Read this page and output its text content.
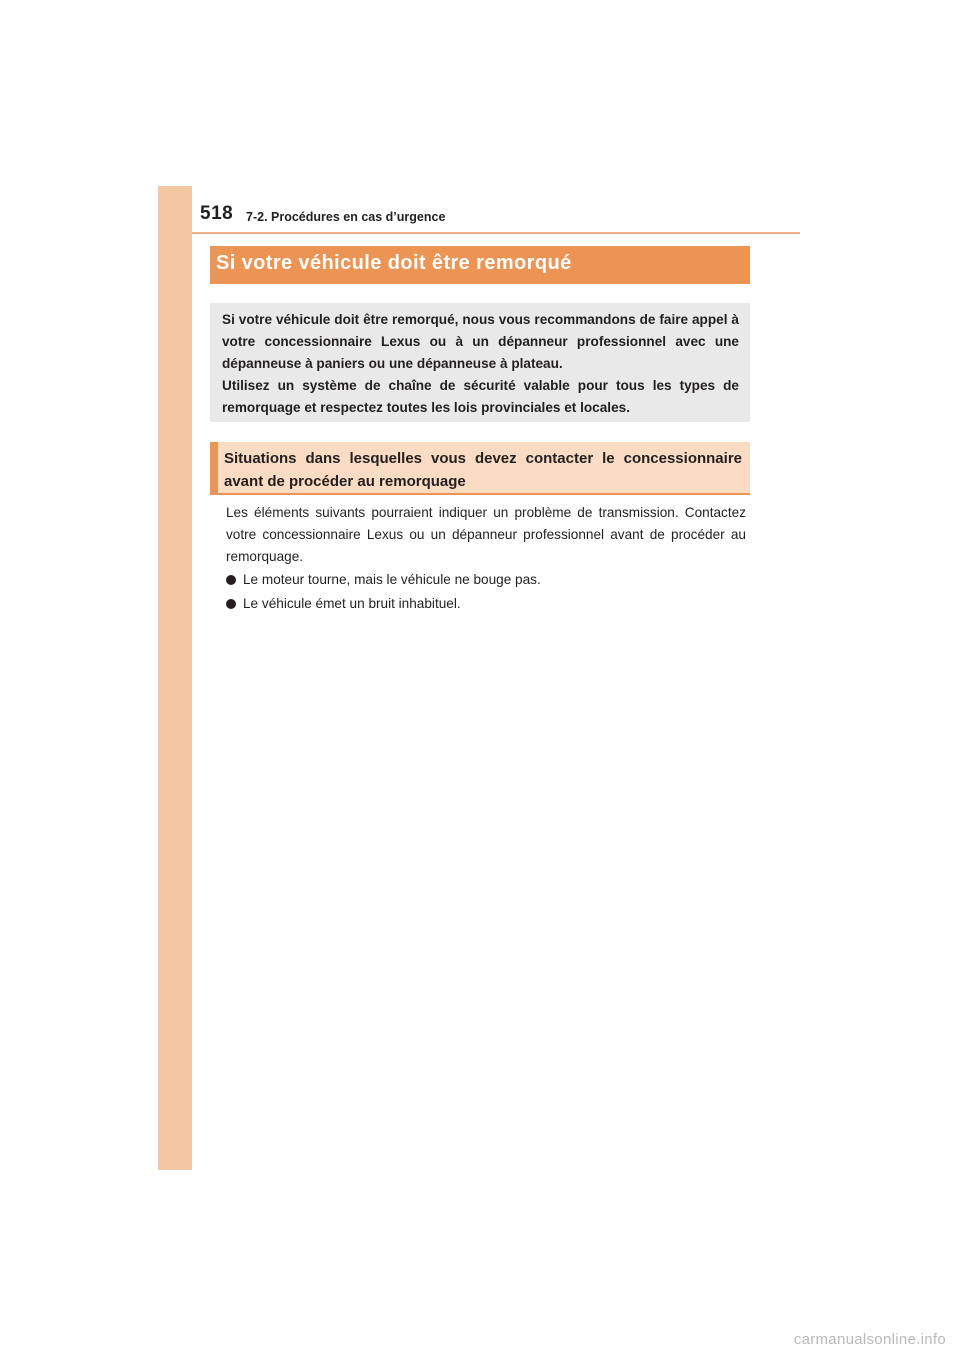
518 7-2. Procédures en cas d’urgence
Si votre véhicule doit être remorqué

Si votre véhicule doit être remorqué, nous vous recommandons de faire appel à votre concessionnaire Lexus ou à un dépanneur professionnel avec une dépanneuse à paniers ou une dépanneuse à plateau.

Utilisez un système de chaîne de sécurité valable pour tous les types de remorquage et respectez toutes les lois provinciales et locales.

Situations dans lesquelles vous devez contacter le concessionnaire avant de procéder au remorquage

Les éléments suivants pourraient indiquer un problème de transmission. Contactez votre concessionnaire Lexus ou un dépanneur professionnel avant de procéder au remorquage.

Le moteur tourne, mais le véhicule ne bouge pas.
Le véhicule émet un bruit inhabituel.
carmanualsonline.info
